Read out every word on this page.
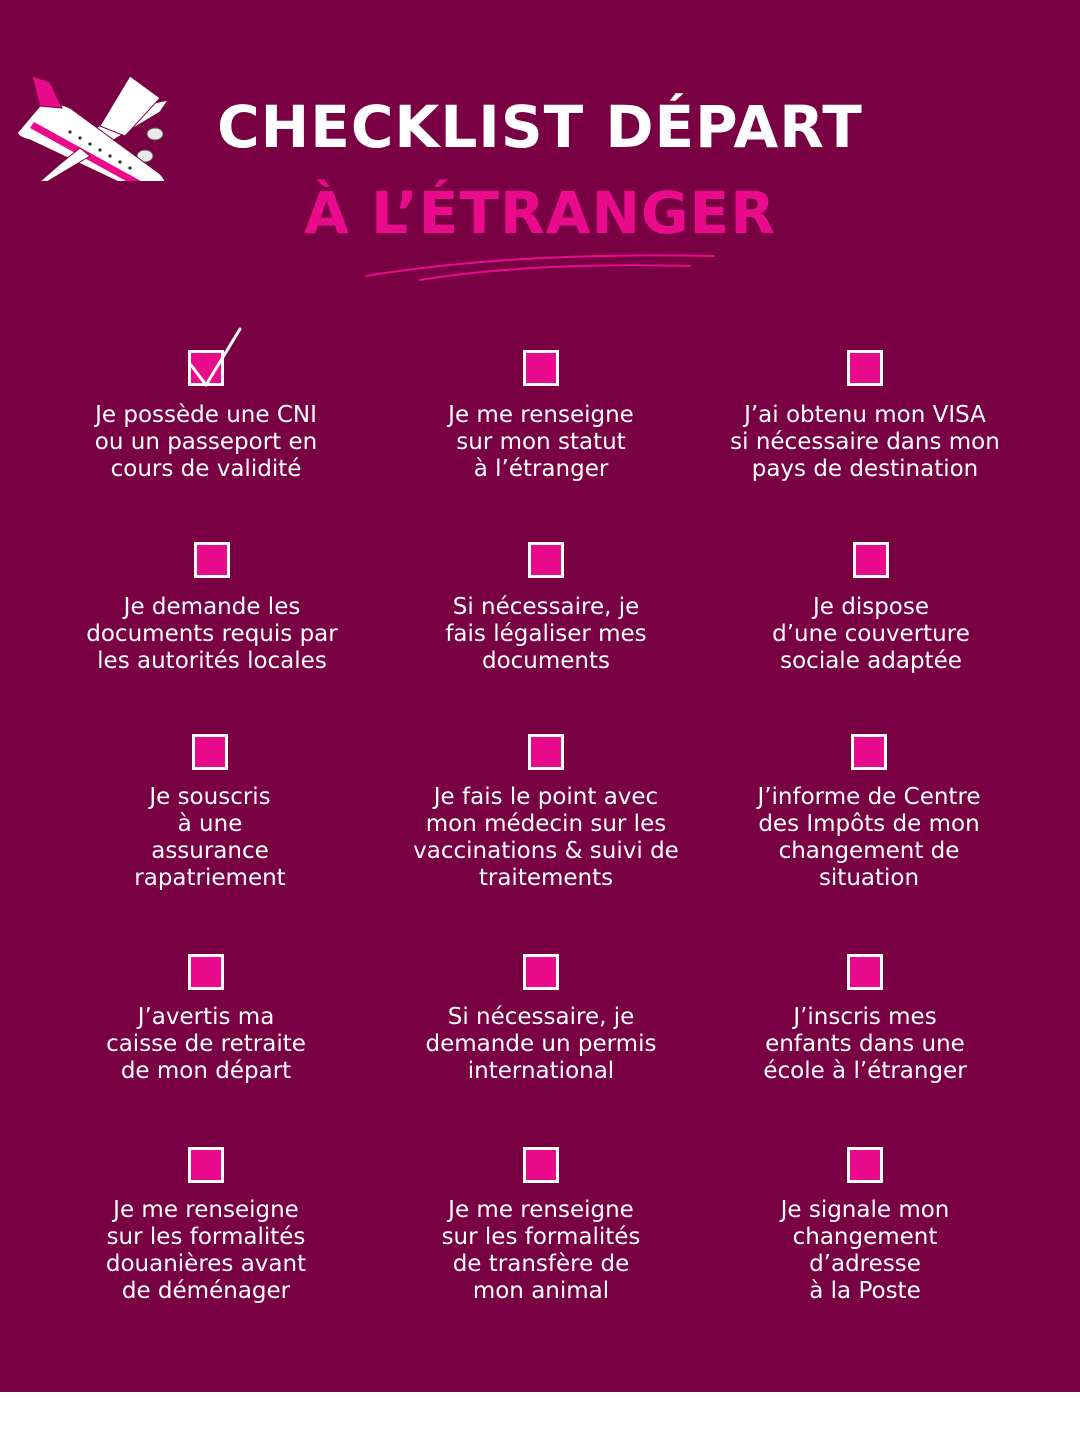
CHECKLIST DÉPART
À L’ÉTRANGER
Je possède une CNI
ou un passeport en
cours de validité
Je me renseigne
sur mon statut
à l’étranger
J’ai obtenu mon VISA
si nécessaire dans mon
pays de destination
Je demande les
documents requis par
les autorités locales
Si nécessaire, je
fais légaliser mes
documents
Je dispose
d’une couverture
sociale adaptée
Je souscris
à une
assurance
rapatriement
Je fais le point avec
mon médecin sur les
vaccinations & suivi de
traitements
J’informe de Centre
des Impôts de mon
changement de
situation
J’avertis ma
caisse de retraite
de mon départ
Si nécessaire, je
demande un permis
international
J’inscris mes
enfants dans une
école à l’étranger
Je me renseigne
sur les formalités
douanières avant
de déménager
Je me renseigne
sur les formalités
de transfère de
mon animal
Je signale mon
changement
d’adresse
à la Poste
